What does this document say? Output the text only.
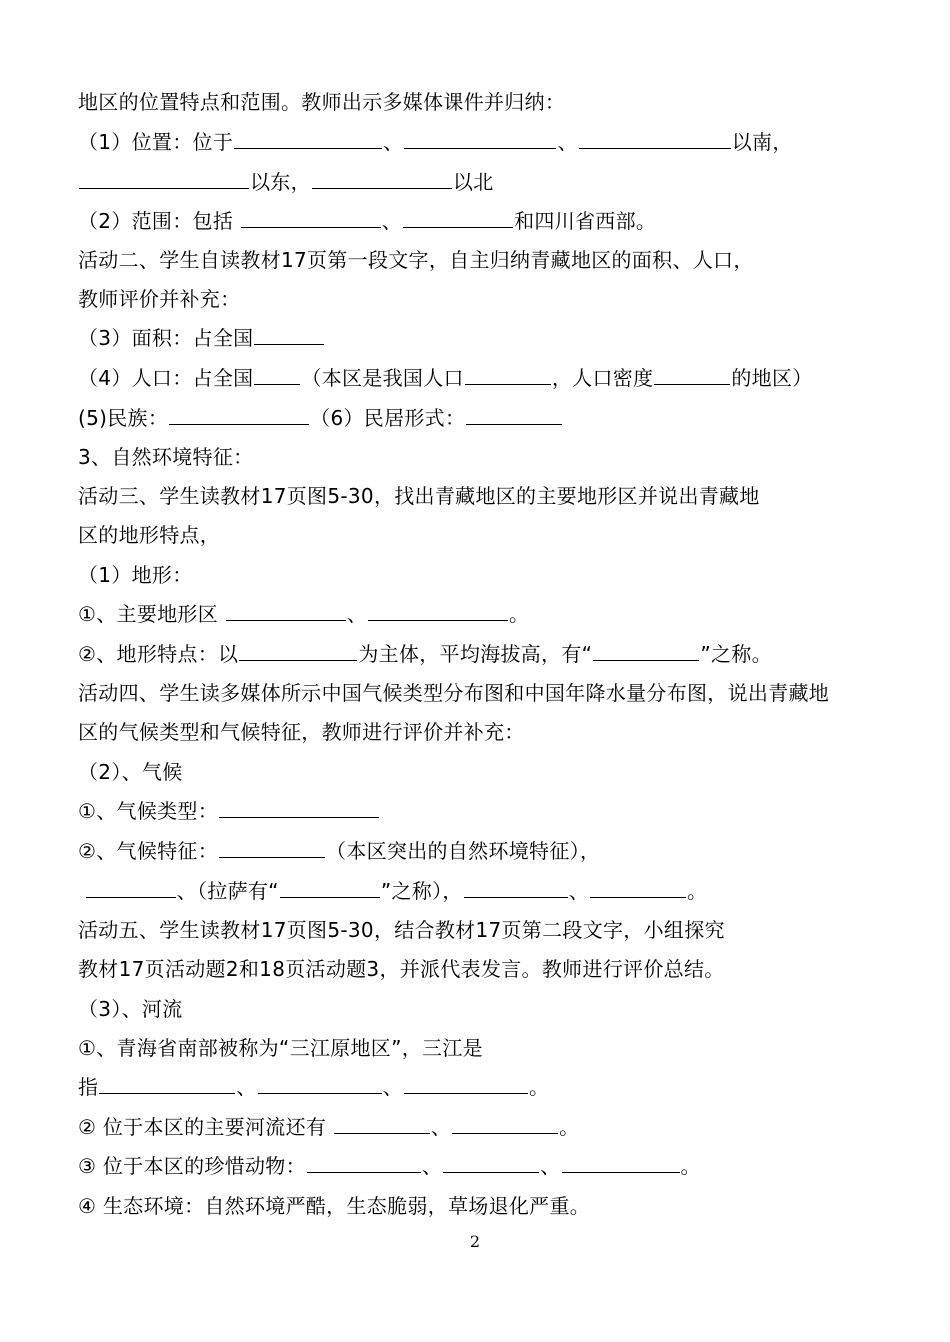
地区的位置特点和范围。教师出示多媒体课件并归纳：
（1）位置：位于	、	、	以南，
以东，	以北
（2）范围：包括	、	和四川省西部。
活动二、学生自读教材17页第一段文字，自主归纳青藏地区的面积、人口，
教师评价并补充：
（3）面积：占全国
（4）人口：占全国 （本区是我国人口	，人口密度	的地区）
(5)民族：	（6）民居形式：
3、自然环境特征：
活动三、学生读教材17页图5-30，找出青藏地区的主要地形区并说出青藏地
区的地形特点，
（1）地形：
①、主要地形区	、	。
②、地形特点：以	为主体，平均海拔高，有“	”之称。
活动四、学生读多媒体所示中国气候类型分布图和中国年降水量分布图，说出青藏地
区的气候类型和气候特征，教师进行评价并补充：
（2）、气候
①、气候类型：
②、气候特征：	（本区突出的自然环境特征），
、（拉萨有“	”之称），	、	。
活动五、学生读教材17页图5-30，结合教材17页第二段文字，小组探究
教材17页活动题2和18页活动题3，并派代表发言。教师进行评价总结。
（3）、河流
①、青海省南部被称为“三江原地区”，三江是
指	、	、	。
② 位于本区的主要河流还有	、	。
③ 位于本区的珍惜动物：	、	、	。
④ 生态环境：自然环境严酷，生态脆弱，草场退化严重。
2
